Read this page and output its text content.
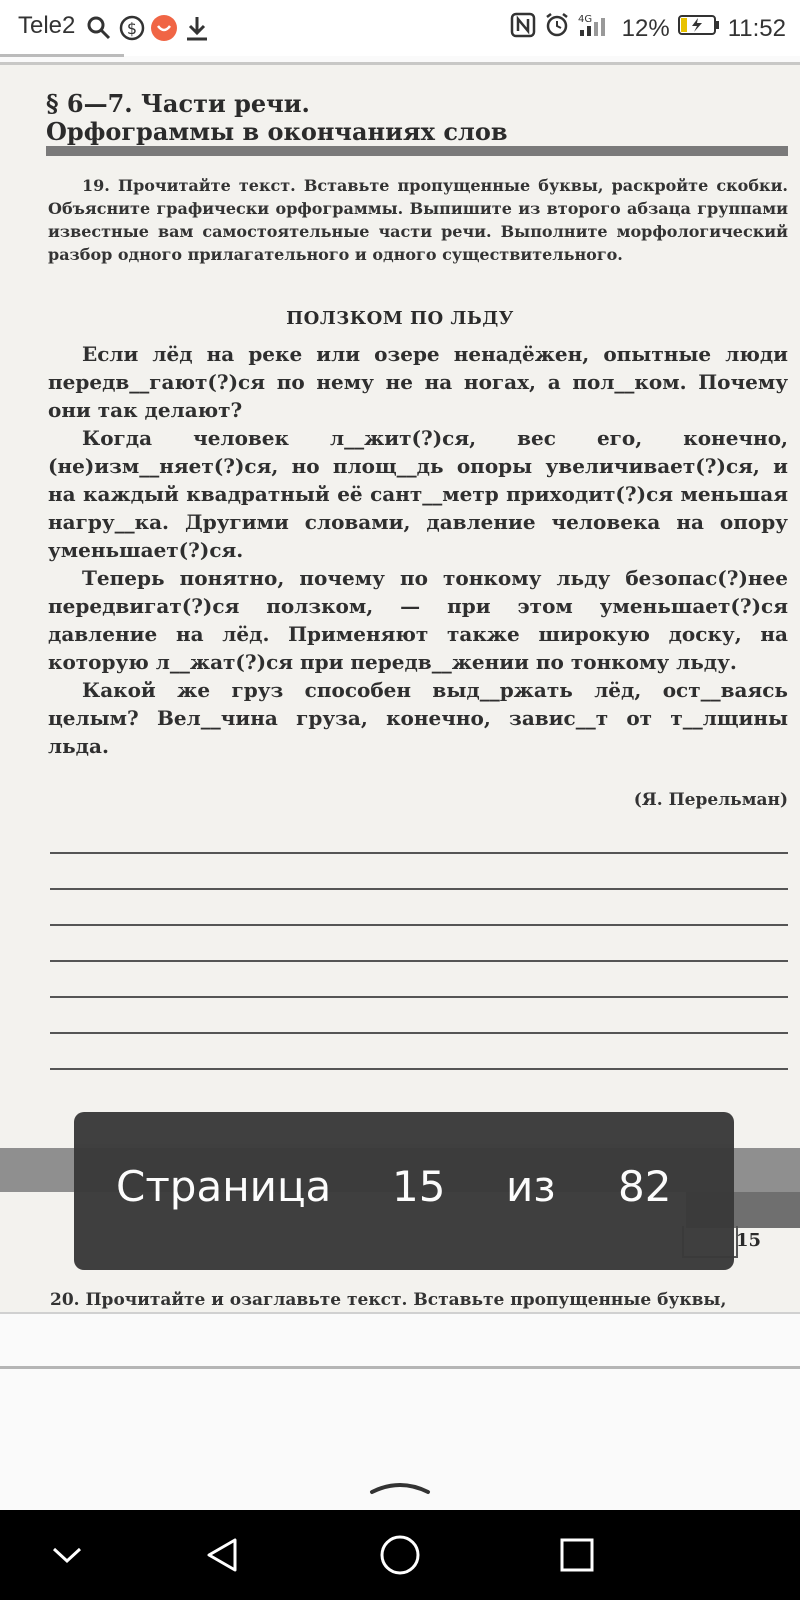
Tele2	$	4G 12% 11:52
§ 6—7. Части речи.
Орфограммы в окончаниях слов
19. Прочитайте текст. Вставьте пропущенные буквы, раскройте скобки. Объясните графически орфограммы. Выпишите из второго абзаца группами известные вам самостоятельные части речи. Выполните морфологический разбор одного прилагательного и одного существительного.
ПОЛЗКОМ ПО ЛЬДУ

Если лёд на реке или озере ненадёжен, опытные люди передв__гают(?)ся по нему не на ногах, а пол__ком. Почему они так делают?

Когда человек л__жит(?)ся, вес его, конечно, (не)изм__няет(?)ся, но площ__дь опоры увеличивает(?)ся, и на каждый квадратный её сант__метр приходит(?)ся меньшая нагру__ка. Другими словами, давление человека на опору уменьшает(?)ся.

Теперь понятно, почему по тонкому льду безопас(?)нее передвигат(?)ся ползком, — при этом уменьшает(?)ся давление на лёд. Применяют также широкую доску, на которую л__жат(?)ся при передв__жении по тонкому льду.

Какой же груз способен выд__ржать лёд, ост__ваясь целым? Вел__чина груза, конечно, завис__т от т__лщины льда.

(Я. Перельман)
15
20. Прочитайте и озаглавьте текст. Вставьте пропущенные буквы,
Страница 15 из 82
